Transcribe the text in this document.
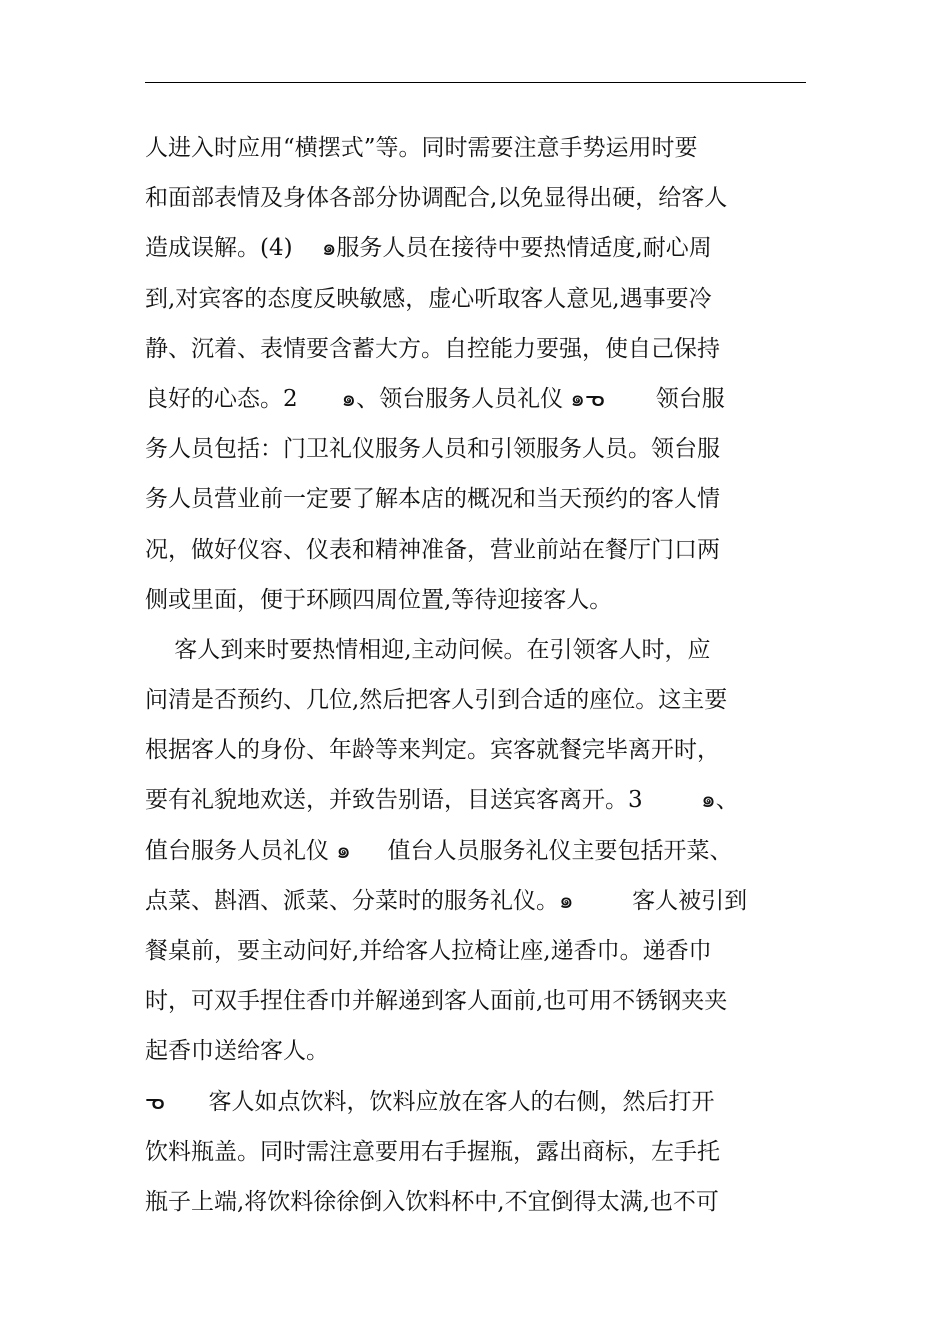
人进入时应用“横摆式”等。同时需要注意手势运用时要
和面部表情及身体各部分协调配合,以免显得出硬，给客人
造成误解。(4)    ๑服务人员在接待中要热情适度,耐心周
到,对宾客的态度反映敏感，虚心听取客人意见,遇事要冷
静、沉着、表情要含蓄大方。自控能力要强，使自己保持
良好的心态。2      ๑、领台服务人员礼仪 ๑ᓀ       领台服
务人员包括：门卫礼仪服务人员和引领服务人员。领台服
务人员营业前一定要了解本店的概况和当天预约的客人情
况，做好仪容、仪表和精神准备，营业前站在餐厅门口两
侧或里面，便于环顾四周位置,等待迎接客人。
客人到来时要热情相迎,主动问候。在引领客人时，应
问清是否预约、几位,然后把客人引到合适的座位。这主要
根据客人的身份、年龄等来判定。宾客就餐完毕离开时，
要有礼貌地欢送，并致告别语，目送宾客离开。3        ๑、
值台服务人员礼仪 ๑     值台人员服务礼仪主要包括开菜、
点菜、斟酒、派菜、分菜时的服务礼仪。๑        客人被引到
餐桌前，要主动问好,并给客人拉椅让座,递香巾。递香巾
时，可双手捏住香巾并解递到客人面前,也可用不锈钢夹夹
起香巾送给客人。
ᓀ      客人如点饮料，饮料应放在客人的右侧，然后打开
饮料瓶盖。同时需注意要用右手握瓶，露出商标，左手托
瓶子上端,将饮料徐徐倒入饮料杯中,不宜倒得太满,也不可
